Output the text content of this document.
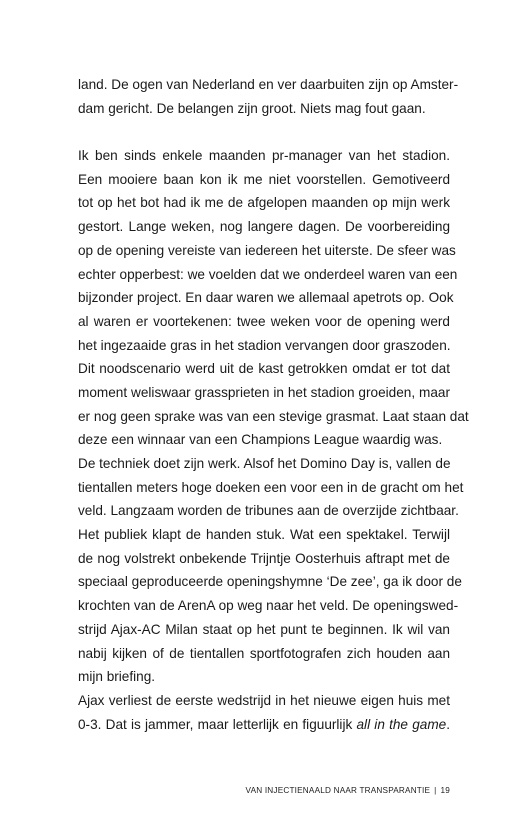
land. De ogen van Nederland en ver daarbuiten zijn op Amster-
dam gericht. De belangen zijn groot. Niets mag fout gaan.

Ik ben sinds enkele maanden pr-manager van het stadion.
Een mooiere baan kon ik me niet voorstellen. Gemotiveerd
tot op het bot had ik me de afgelopen maanden op mijn werk
gestort. Lange weken, nog langere dagen. De voorbereiding
op de opening vereiste van iedereen het uiterste. De sfeer was
echter opperbest: we voelden dat we onderdeel waren van een
bijzonder project. En daar waren we allemaal apetrots op. Ook
al waren er voortekenen: twee weken voor de opening werd
het ingezaaide gras in het stadion vervangen door graszoden.
Dit noodscenario werd uit de kast getrokken omdat er tot dat
moment weliswaar grassprieten in het stadion groeiden, maar
er nog geen sprake was van een stevige grasmat. Laat staan dat
deze een winnaar van een Champions League waardig was.

De techniek doet zijn werk. Alsof het Domino Day is, vallen de
tientallen meters hoge doeken een voor een in de gracht om het
veld. Langzaam worden de tribunes aan de overzijde zichtbaar.
Het publiek klapt de handen stuk. Wat een spektakel. Terwijl
de nog volstrekt onbekende Trijntje Oosterhuis aftrapt met de
speciaal geproduceerde openingshymne ‘De zee’, ga ik door de
krochten van de ArenA op weg naar het veld. De openingswed-
strijd Ajax-AC Milan staat op het punt te beginnen. Ik wil van
nabij kijken of de tientallen sportfotografen zich houden aan
mijn briefing.

Ajax verliest de eerste wedstrijd in het nieuwe eigen huis met
0-3. Dat is jammer, maar letterlijk en figuurlijk all in the game.

VAN INJECTIENAALD NAAR TRANSPARANTIE | 19
